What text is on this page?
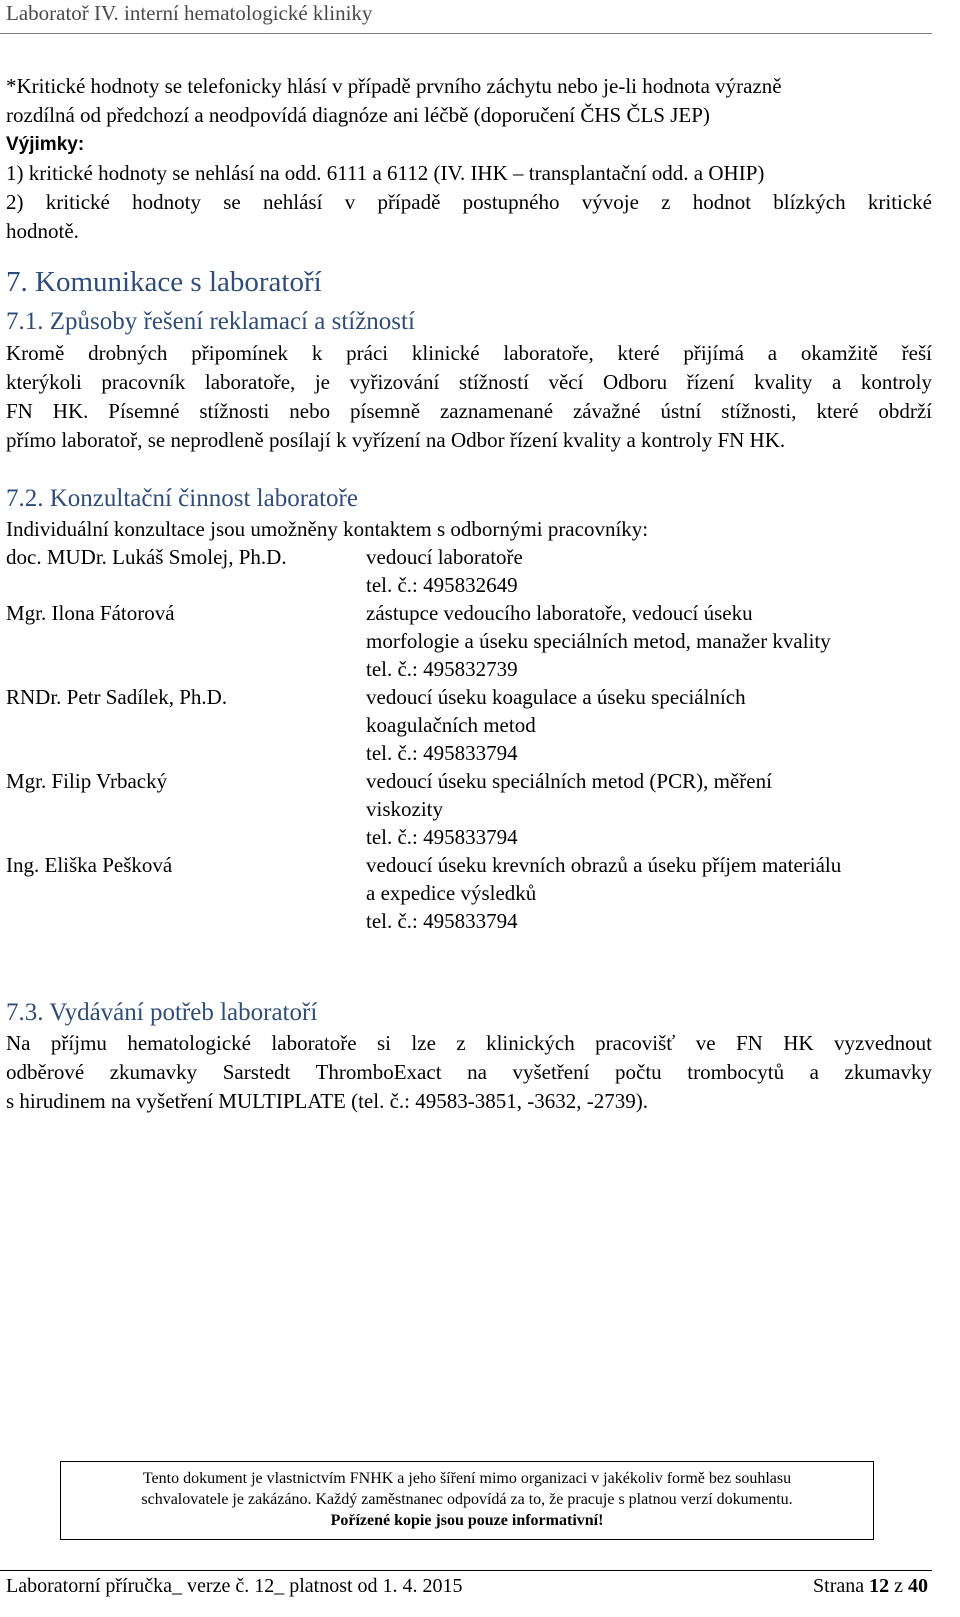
Laboratoř IV. interní hematologické kliniky
*Kritické hodnoty se telefonicky hlásí v případě prvního záchytu nebo je-li hodnota výrazně
rozdílná od předchozí a neodpovídá diagnóze ani léčbě (doporučení ČHS ČLS JEP)
Výjimky:
1) kritické hodnoty se nehlásí na odd. 6111 a 6112 (IV. IHK – transplantační odd. a OHIP)
2) kritické hodnoty se nehlásí v případě postupného vývoje z hodnot blízkých kritické
hodnotě.
7. Komunikace s laboratoří
7.1. Způsoby řešení reklamací a stížností
Kromě drobných připomínek k práci klinické laboratoře, které přijímá a okamžitě řeší
kterýkoli pracovník laboratoře, je vyřizování stížností věcí Odboru řízení kvality a kontroly
FN HK. Písemné stížnosti nebo písemně zaznamenané závažné ústní stížnosti, které obdrží
přímo laboratoř, se neprodleně posílají k vyřízení na Odbor řízení kvality a kontroly FN HK.
7.2. Konzultační činnost laboratoře
Individuální konzultace jsou umožněny kontaktem s odbornými pracovníky:
doc. MUDr. Lukáš Smolej, Ph.D.	vedoucí laboratoře
tel. č.: 495832649
Mgr. Ilona Fátorová	zástupce vedoucího laboratoře, vedoucí úseku
morfologie a úseku speciálních metod, manažer kvality
tel. č.: 495832739
RNDr. Petr Sadílek, Ph.D.	vedoucí úseku koagulace a úseku speciálních
koagulačních metod
tel. č.: 495833794
Mgr. Filip Vrbacký	vedoucí úseku speciálních metod (PCR), měření
viskozity
tel. č.: 495833794
Ing. Eliška Pešková	vedoucí úseku krevních obrazů a úseku příjem materiálu
a expedice výsledků
tel. č.: 495833794
7.3. Vydávání potřeb laboratoří
Na příjmu hematologické laboratoře si lze z klinických pracovišť ve FN HK vyzvednout
odběrové zkumavky Sarstedt ThromboExact na vyšetření počtu trombocytů a zkumavky
s hirudinem na vyšetření MULTIPLATE (tel. č.: 49583-3851, -3632, -2739).
Tento dokument je vlastnictvím FNHK a jeho šíření mimo organizaci v jakékoliv formě bez souhlasu
schvalovatele je zakázáno. Každý zaměstnanec odpovídá za to, že pracuje s platnou verzí dokumentu.
Pořízené kopie jsou pouze informativní!
Laboratorní příručka_ verze č. 12_ platnost od 1. 4. 2015	Strana 12 z 40
